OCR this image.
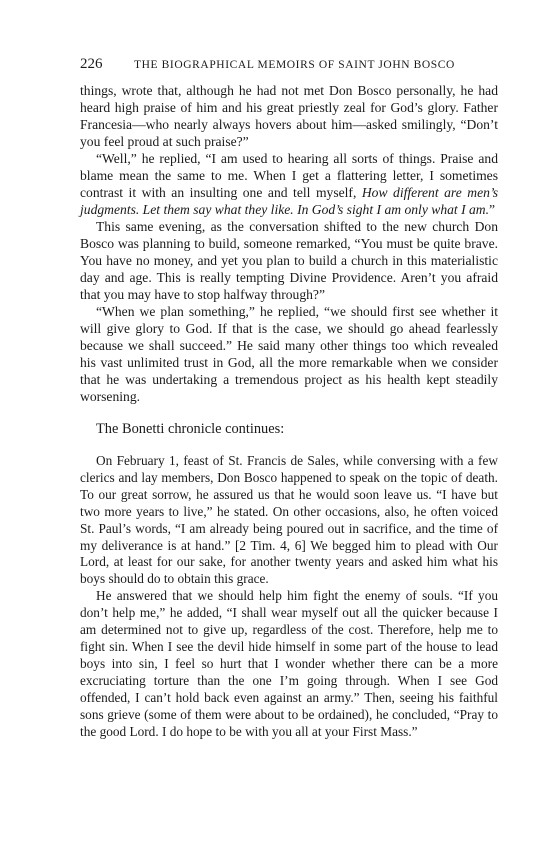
226	THE BIOGRAPHICAL MEMOIRS OF SAINT JOHN BOSCO

things, wrote that, although he had not met Don Bosco personally, he had heard high praise of him and his great priestly zeal for God’s glory. Father Francesia—who nearly always hovers about him—asked smilingly, “Don’t you feel proud at such praise?”

“Well,” he replied, “I am used to hearing all sorts of things. Praise and blame mean the same to me. When I get a flattering letter, I sometimes contrast it with an insulting one and tell myself, How different are men’s judgments. Let them say what they like. In God’s sight I am only what I am.”

This same evening, as the conversation shifted to the new church Don Bosco was planning to build, someone remarked, “You must be quite brave. You have no money, and yet you plan to build a church in this materialistic day and age. This is really tempting Divine Providence. Aren’t you afraid that you may have to stop halfway through?”

“When we plan something,” he replied, “we should first see whether it will give glory to God. If that is the case, we should go ahead fearlessly because we shall succeed.” He said many other things too which revealed his vast unlimited trust in God, all the more remarkable when we consider that he was undertaking a tremendous project as his health kept steadily worsening.

The Bonetti chronicle continues:

On February 1, feast of St. Francis de Sales, while conversing with a few clerics and lay members, Don Bosco happened to speak on the topic of death. To our great sorrow, he assured us that he would soon leave us. “I have but two more years to live,” he stated. On other occasions, also, he often voiced St. Paul’s words, “I am already being poured out in sacrifice, and the time of my deliverance is at hand.” [2 Tim. 4, 6] We begged him to plead with Our Lord, at least for our sake, for another twenty years and asked him what his boys should do to obtain this grace.

He answered that we should help him fight the enemy of souls. “If you don’t help me,” he added, “I shall wear myself out all the quicker because I am determined not to give up, regardless of the cost. Therefore, help me to fight sin. When I see the devil hide himself in some part of the house to lead boys into sin, I feel so hurt that I wonder whether there can be a more excruciating torture than the one I’m going through. When I see God offended, I can’t hold back even against an army.” Then, seeing his faithful sons grieve (some of them were about to be ordained), he concluded, “Pray to the good Lord. I do hope to be with you all at your First Mass.”
